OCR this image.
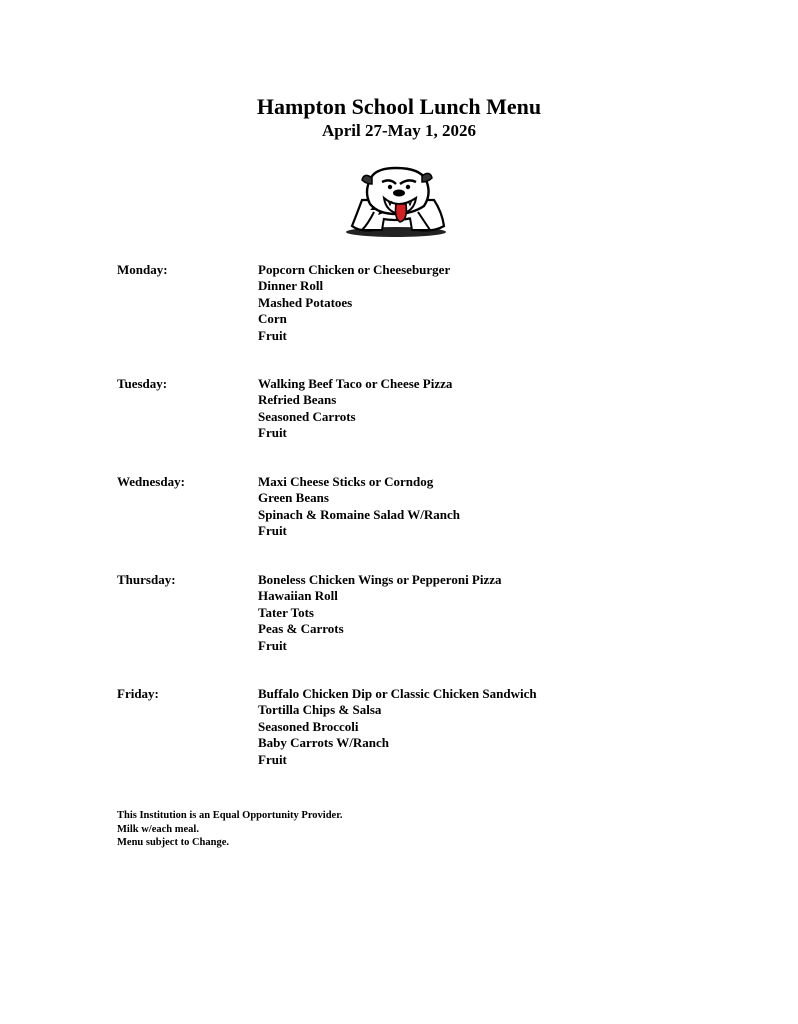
Hampton School Lunch Menu
April 27-May 1, 2026
Monday:	Popcorn Chicken or Cheeseburger
Dinner Roll
Mashed Potatoes
Corn
Fruit
Tuesday:	Walking Beef Taco or Cheese Pizza
Refried Beans
Seasoned Carrots
Fruit
Wednesday:	Maxi Cheese Sticks or Corndog
Green Beans
Spinach & Romaine Salad W/Ranch
Fruit
Thursday:	Boneless Chicken Wings or Pepperoni Pizza
Hawaiian Roll
Tater Tots
Peas & Carrots
Fruit
Friday:	Buffalo Chicken Dip or Classic Chicken Sandwich
Tortilla Chips & Salsa
Seasoned Broccoli
Baby Carrots W/Ranch
Fruit
This Institution is an Equal Opportunity Provider.
Milk w/each meal.
Menu subject to Change.
